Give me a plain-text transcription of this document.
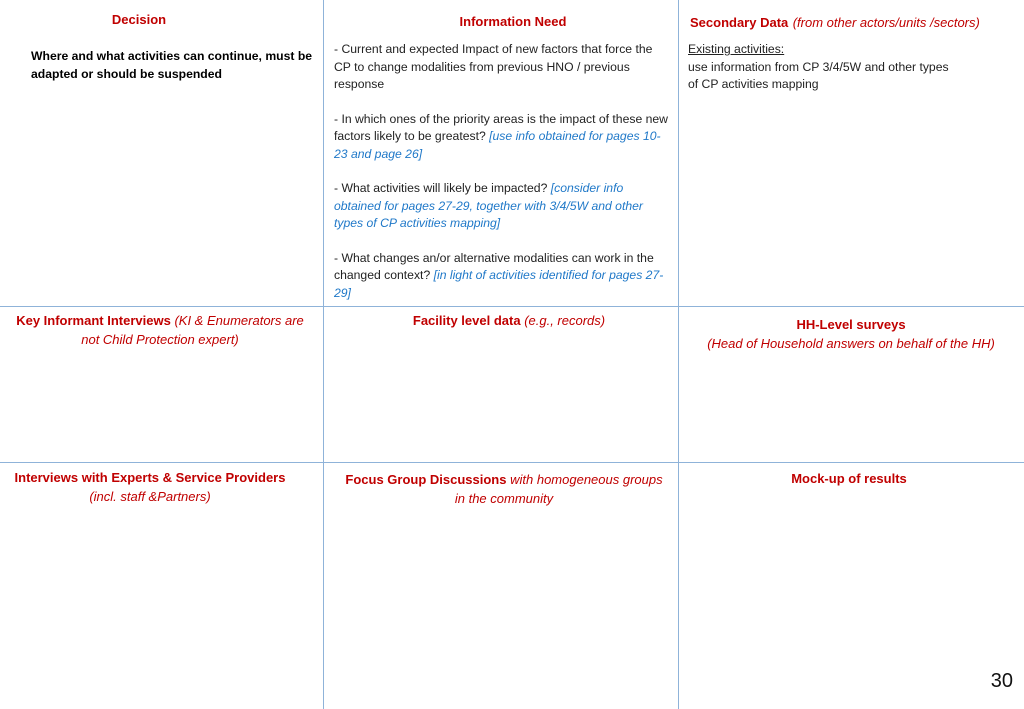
Decision
Where and what activities can continue, must be adapted or should be suspended
Information Need

- Current and expected Impact of new factors that force the CP to change modalities from previous HNO / previous response

- In which ones of the priority areas is the impact of these new factors likely to be greatest? [use info obtained for pages 10-23 and page 26]

- What activities will likely be impacted? [consider info obtained for pages 27-29, together with 3/4/5W and other types of CP activities mapping]

- What changes an/or alternative modalities can work in the changed context? [in light of activities identified for pages 27-29]

Secondary Data (from other actors/units /sectors)
Existing activities:
use information from CP 3/4/5W and other types of CP activities mapping
Key Informant Interviews (KI & Enumerators are not Child Protection expert)
Facility level data (e.g., records)	HH-Level surveys
(Head of Household answers on behalf of the HH)
Interviews with Experts & Service Providers (incl. staff &Partners)
Focus Group Discussions with homogeneous groups in the community
Mock-up of results
30
